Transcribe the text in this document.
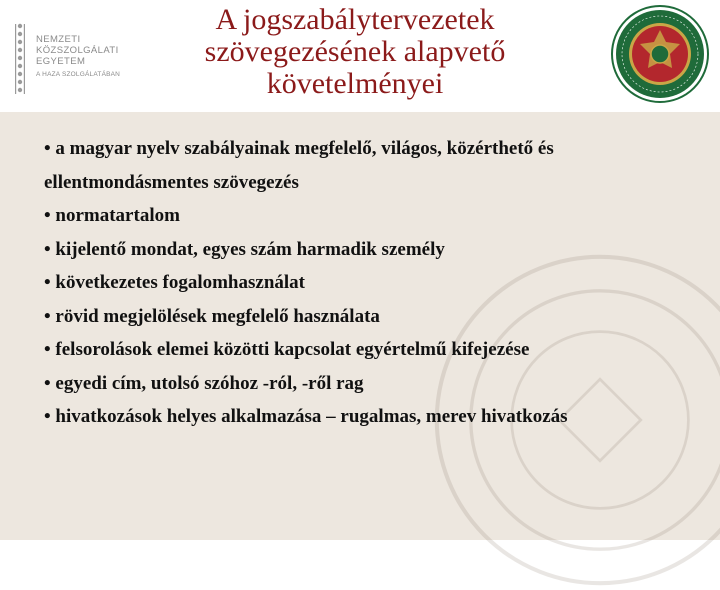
NEMZETI
KÖZSZOLGÁLATI
EGYETEM
A HAZA SZOLGÁLATÁBAN
A jogszabálytervezetek
szövegezésének alapvető
követelményei
• a magyar nyelv szabályainak megfelelő, világos, közérthető és ellentmondásmentes szövegezés
• normatartalom
• kijelentő mondat, egyes szám harmadik személy
• következetes fogalomhasználat
• rövid megjelölések megfelelő használata
• felsorolások elemei közötti kapcsolat egyértelmű kifejezése
• egyedi cím, utolsó szóhoz -ról, -ről rag
• hivatkozások helyes alkalmazása – rugalmas, merev hivatkozás
